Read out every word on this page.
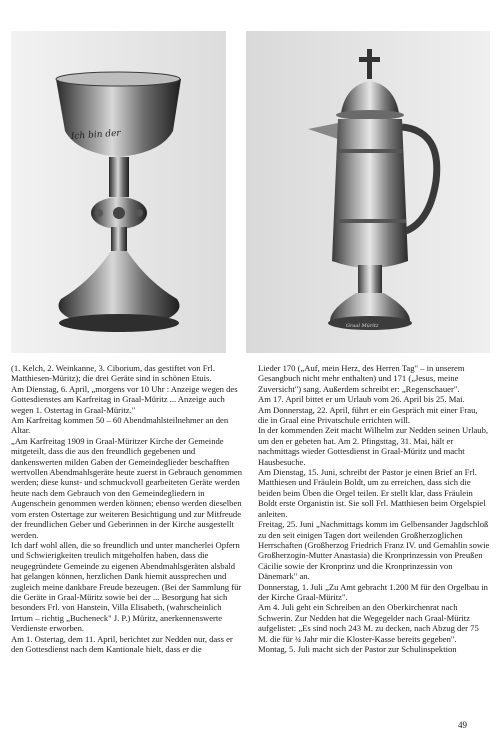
Ich bin der
Graal Müritz

(1. Kelch, 2. Weinkanne, 3. Ciborium, das gestiftet von Frl. Matthiesen-Müritz); die drei Geräte sind in schönen Etuis.

Am Dienstag, 6. April, „morgens vor 10 Uhr : Anzeige wegen des Gottesdienstes am Karfreitag in Graal-Müritz ... Anzeige auch wegen 1. Ostertag in Graal-Müritz."

Am Karfreitag kommen 50 – 60 Abendmahlsteilnehmer an den Altar.

„Am Karfreitag 1909 in Graal-Müritzer Kirche der Gemeinde mitgeteilt, dass die aus den freundlich gegebenen und dankenswerten milden Gaben der Gemeindeglieder beschafften wertvollen Abendmahlsgeräte heute zuerst in Gebrauch genommen werden; diese kunst- und schmuckvoll gearbeiteten Geräte werden heute nach dem Gebrauch von den Gemeindegliedern in Augenschein genommen werden können; ebenso werden dieselben vom ersten Ostertage zur weiteren Besichtigung und zur Mitfreude der freundlichen Geber und Geberinnen in der Kirche ausgestellt werden.

Ich darf wohl allen, die so freundlich und unter mancherlei Opfern und Schwierigkeiten treulich mitgeholfen haben, dass die neugegründete Gemeinde zu eigenen Abendmahlsgeräten alsbald hat gelangen können, herzlichen Dank hiemit aussprechen und zugleich meine dankbare Freude bezeugen. (Bei der Sammlung für die Geräte in Graal-Müritz sowie bei der ... Besorgung hat sich besonders Frl. von Hanstein, Villa Elisabeth, (wahrscheinlich Irrtum – richtig „Bucheneck" J. P.) Müritz, anerkennenswerte Verdienste erworben.

Am 1. Ostertag, dem 11. April, berichtet zur Nedden nur, dass er den Gottesdienst nach dem Kantionale hielt, dass er die

Lieder 170 („Auf, mein Herz, des Herren Tag" – in unserem Gesangbuch nicht mehr enthalten) und 171 („Jesus, meine Zuversicht") sang. Außerdem schreibt er: „Regenschauer".

Am 17. April bittet er um Urlaub vom 26. April bis 25. Mai.

Am Donnerstag, 22. April, führt er ein Gespräch mit einer Frau, die in Graal eine Privatschule errichten will.

In der kommenden Zeit macht Wilhelm zur Nedden seinen Urlaub, um den er gebeten hat. Am 2. Pfingsttag, 31. Mai, hält er nachmittags wieder Gottesdienst in Graal-Müritz und macht Hausbesuche.

Am Dienstag, 15. Juni, schreibt der Pastor je einen Brief an Frl. Matthiesen und Fräulein Boldt, um zu erreichen, dass sich die beiden beim Üben die Orgel teilen. Er stellt klar, dass Fräulein Boldt erste Organistin ist. Sie soll Frl. Matthiesen beim Orgelspiel anleiten.

Freitag, 25. Juni „Nachmittags komm im Gelbensander Jagdschloß zu den seit einigen Tagen dort weilenden Großherzoglichen Herrschaften (Großherzog Friedrich Franz IV. und Gemahlin sowie Großherzogin-Mutter Anastasia) die Kronprinzessin von Preußen Cäcilie sowie der Kronprinz und die Kronprinzessin von Dänemark" an.

Donnerstag, 1. Juli „Zu Amt gebracht 1.200 M für den Orgelbau in der Kirche Graal-Müritz".

Am 4. Juli geht ein Schreiben an den Oberkirchenrat nach Schwerin. Zur Nedden hat die Wegegelder nach Graal-Müritz aufgelistet: „Es sind noch 243 M. zu decken, nach Abzug der 75 M. die für ¾ Jahr mir die Kloster-Kasse bereits gegeben".

Montag, 5. Juli macht sich der Pastor zur Schulinspektion

49
